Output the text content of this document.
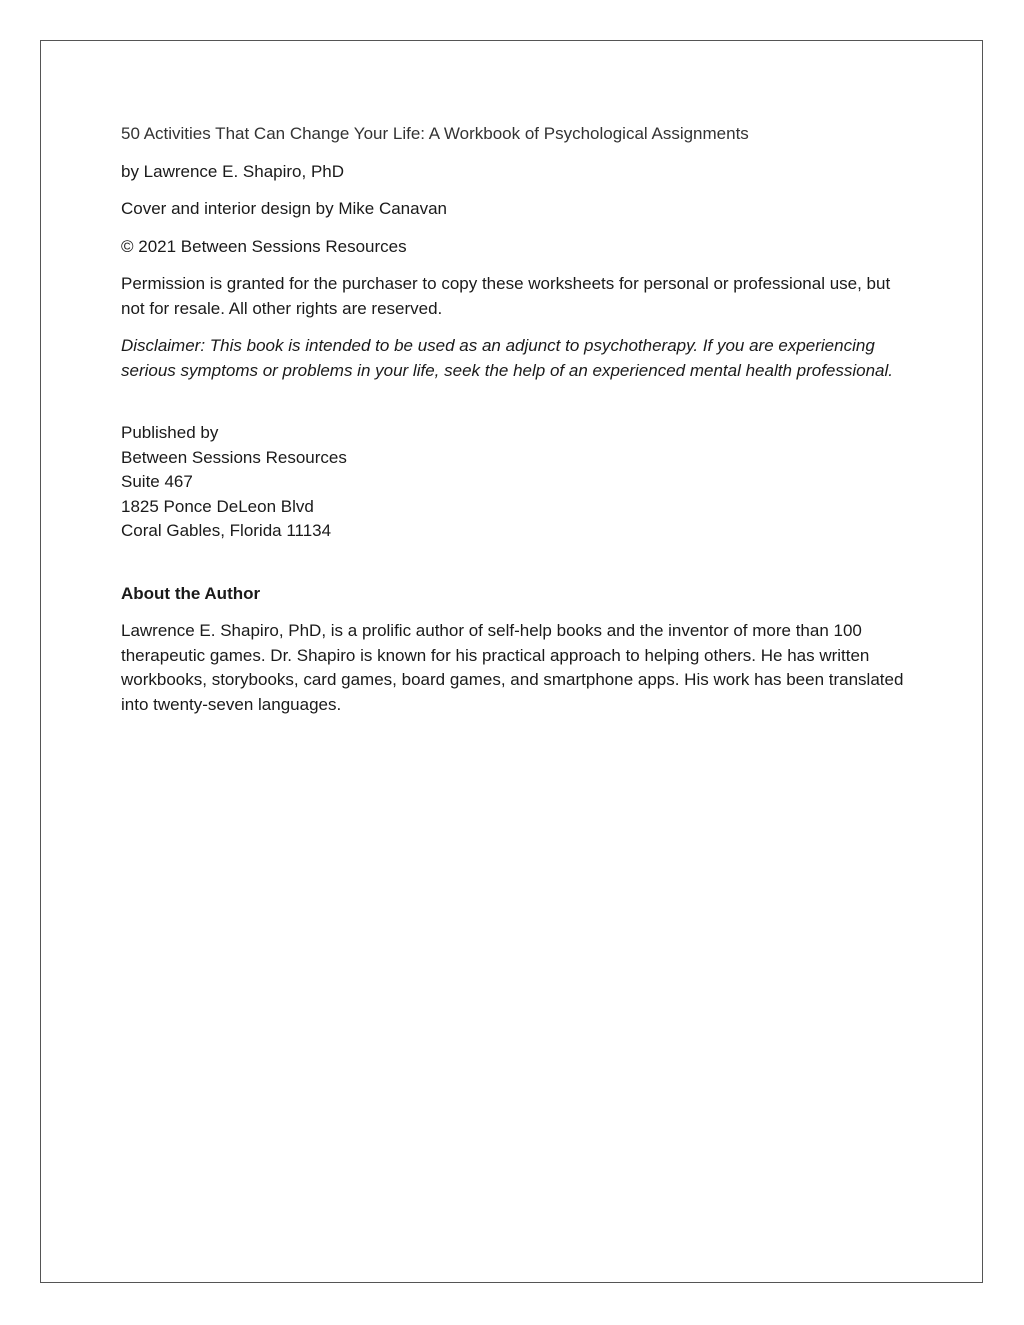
50 Activities That Can Change Your Life: A Workbook of Psychological Assignments

by Lawrence E. Shapiro, PhD

Cover and interior design by Mike Canavan

© 2021 Between Sessions Resources

Permission is granted for the purchaser to copy these worksheets for personal or professional use, but not for resale. All other rights are reserved.

Disclaimer: This book is intended to be used as an adjunct to psychotherapy. If you are experiencing serious symptoms or problems in your life, seek the help of an experienced mental health professional.

Published by
Between Sessions Resources
Suite 467
1825 Ponce DeLeon Blvd
Coral Gables, Florida 11134

About the Author

Lawrence E. Shapiro, PhD, is a prolific author of self-help books and the inventor of more than 100 therapeutic games. Dr. Shapiro is known for his practical approach to helping others. He has written workbooks, storybooks, card games, board games, and smartphone apps. His work has been translated into twenty-seven languages.
